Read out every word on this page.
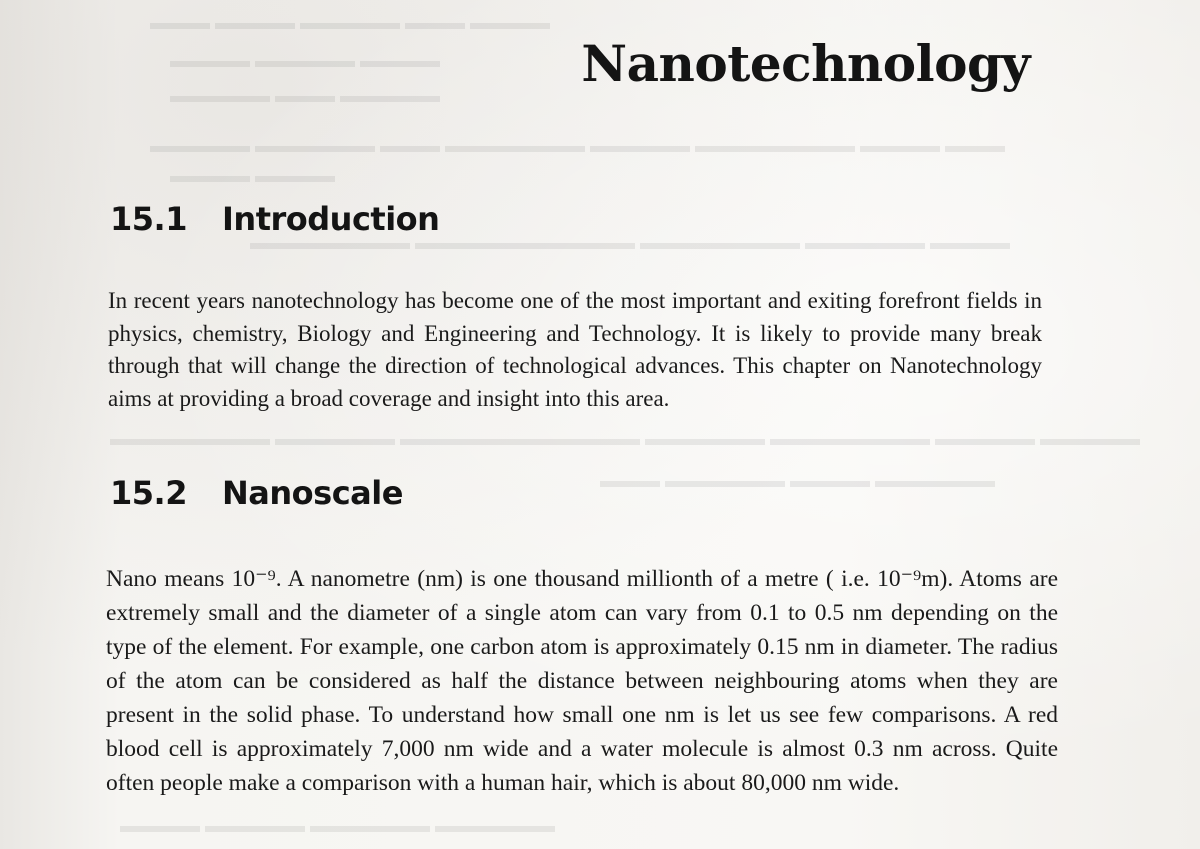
▬▬▬ ▬▬▬▬ ▬▬▬▬▬ ▬▬▬ ▬▬▬▬
▬▬▬▬ ▬▬▬▬▬ ▬▬▬▬
▬▬▬▬▬ ▬▬▬ ▬▬▬▬▬
▬▬▬▬▬ ▬▬▬▬▬▬ ▬▬▬ ▬▬▬▬▬▬▬ ▬▬▬▬▬ ▬▬▬▬▬▬▬▬ ▬▬▬▬ ▬▬▬
▬▬▬▬ ▬▬▬▬
▬▬▬▬▬▬▬▬ ▬▬▬▬▬▬▬▬▬▬▬ ▬▬▬▬▬▬▬▬ ▬▬▬▬▬▬ ▬▬▬▬
▬▬▬▬▬▬▬▬ ▬▬▬▬▬▬ ▬▬▬▬▬▬▬▬▬▬▬▬ ▬▬▬▬▬▬ ▬▬▬▬▬▬▬▬ ▬▬▬▬▬ ▬▬▬▬▬
▬▬▬ ▬▬▬▬▬▬ ▬▬▬▬ ▬▬▬▬▬▬
▬▬▬▬ ▬▬▬▬▬ ▬▬▬▬▬▬ ▬▬▬▬▬▬
Nanotechnology
15.1 Introduction

In recent years nanotechnology has become one of the most important and exiting forefront fields in physics, chemistry, Biology and Engineering and Technology. It is likely to provide many break through that will change the direction of technological advances. This chapter on Nanotechnology aims at providing a broad coverage and insight into this area.

15.2 Nanoscale

Nano means 10⁻⁹. A nanometre (nm) is one thousand millionth of a metre ( i.e. 10⁻⁹m). Atoms are extremely small and the diameter of a single atom can vary from 0.1 to 0.5 nm depending on the type of the element. For example, one carbon atom is approximately 0.15 nm in diameter. The radius of the atom can be considered as half the distance between neighbouring atoms when they are present in the solid phase. To understand how small one nm is let us see few comparisons. A red blood cell is approximately 7,000 nm wide and a water molecule is almost 0.3 nm across. Quite often people make a comparison with a human hair, which is about 80,000 nm wide.
